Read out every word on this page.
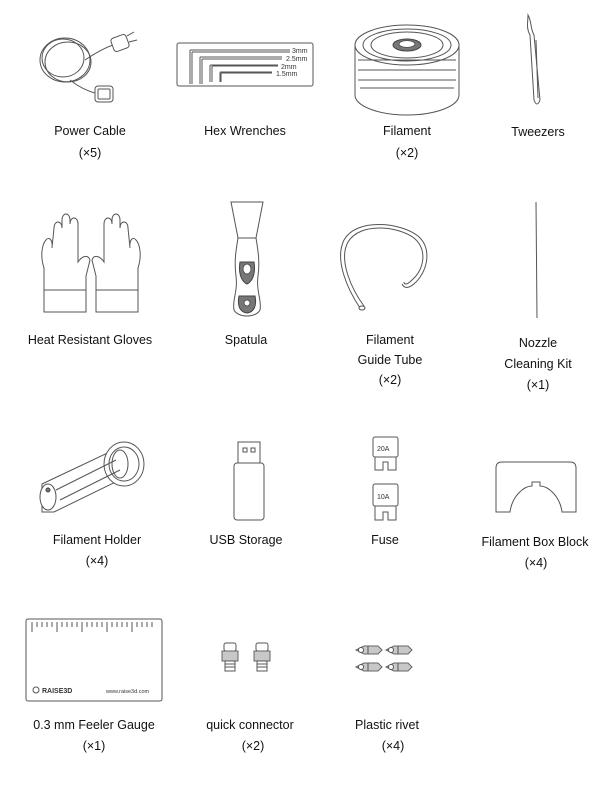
Power Cable
(×5)
3mm
2.5mm
2mm
1.5mm
Hex Wrenches	Filament
(×2)
Tweezers
Heat Resistant Gloves	Spatula	Filament
Guide Tube
(×2)
Nozzle
Cleaning Kit
(×1)
Filament Holder
(×4)
USB Storage
20A
10A
Fuse	Filament Box Block
(×4)
RAISE3D	www.raise3d.com
0.3 mm Feeler Gauge
(×1)
quick connector
(×2)
Plastic rivet
(×4)
